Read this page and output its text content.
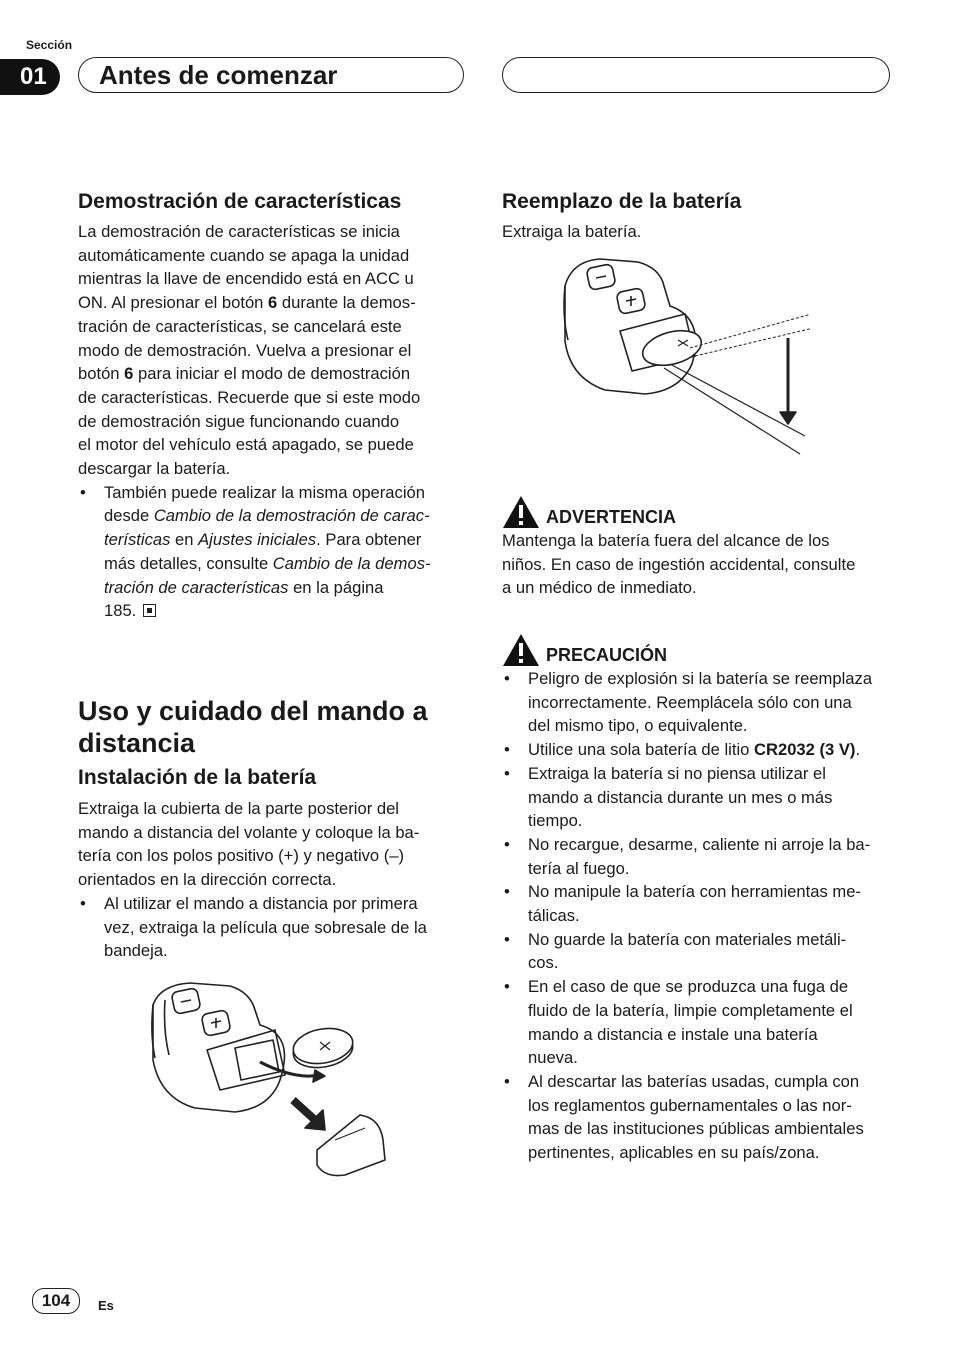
Sección
01	Antes de comenzar
Demostración de características

La demostración de características se inicia
automáticamente cuando se apaga la unidad
mientras la llave de encendido está en ACC u
ON. Al presionar el botón 6 durante la demos-
tración de características, se cancelará este
modo de demostración. Vuelva a presionar el
botón 6 para iniciar el modo de demostración
de características. Recuerde que si este modo
de demostración sigue funcionando cuando
el motor del vehículo está apagado, se puede
descargar la batería.

• También puede realizar la misma operación
desde Cambio de la demostración de carac-
terísticas en Ajustes iniciales. Para obtener
más detalles, consulte Cambio de la demos-
tración de características en la página
185.
Uso y cuidado del mando a
distancia
Instalación de la batería

Extraiga la cubierta de la parte posterior del
mando a distancia del volante y coloque la ba-
tería con los polos positivo (+) y negativo (–)
orientados en la dirección correcta.

• Al utilizar el mando a distancia por primera
vez, extraiga la película que sobresale de la
bandeja.
Reemplazo de la batería

Extraiga la batería.

ADVERTENCIA

Mantenga la batería fuera del alcance de los
niños. En caso de ingestión accidental, consulte
a un médico de inmediato.

PRECAUCIÓN
• Peligro de explosión si la batería se reemplaza
incorrectamente. Reemplácela sólo con una
del mismo tipo, o equivalente.
• Utilice una sola batería de litio CR2032 (3 V).
• Extraiga la batería si no piensa utilizar el
mando a distancia durante un mes o más
tiempo.
• No recargue, desarme, caliente ni arroje la ba-
tería al fuego.
• No manipule la batería con herramientas me-
tálicas.
• No guarde la batería con materiales metáli-
cos.
• En el caso de que se produzca una fuga de
fluido de la batería, limpie completamente el
mando a distancia e instale una batería
nueva.
• Al descartar las baterías usadas, cumpla con
los reglamentos gubernamentales o las nor-
mas de las instituciones públicas ambientales
pertinentes, aplicables en su país/zona.
104	Es
